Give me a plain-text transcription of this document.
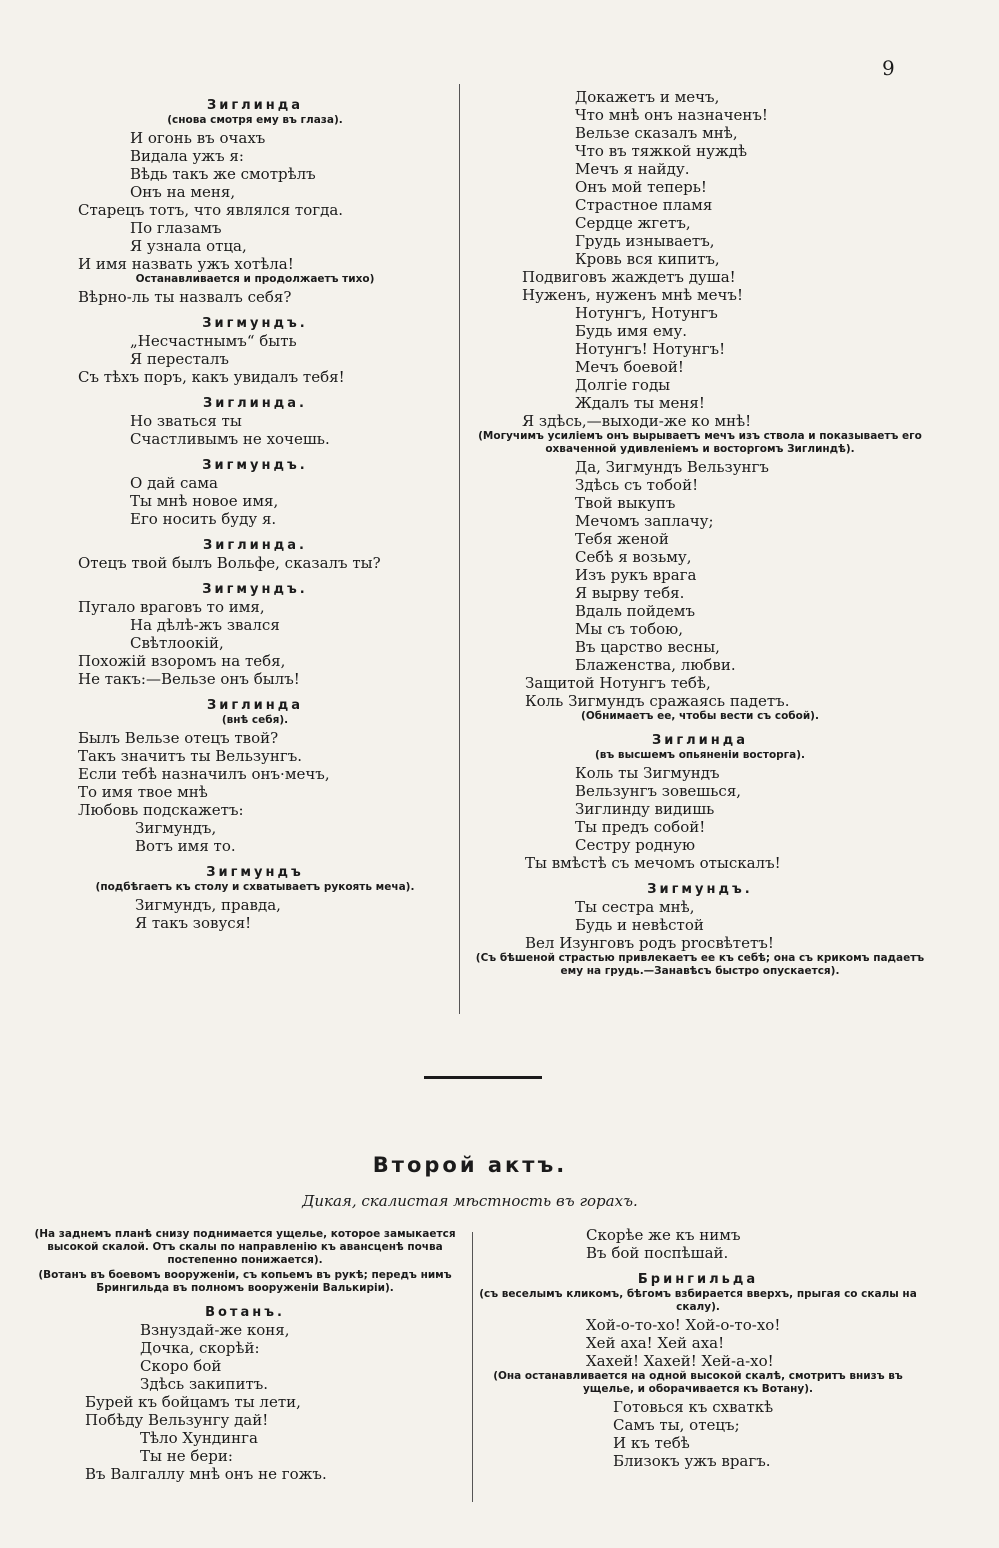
9
Зиглинда
(снова смотря ему въ глаза).
И огонь въ очахъ
Видала ужъ я:
Вѣдь такъ же смотрѣлъ
Онъ на меня,
Старецъ тотъ, что являлся тогда.
По глазамъ
Я узнала отца,
И имя назвать ужъ хотѣла!
Останавливается и продолжаетъ тихо)
Вѣрно-ль ты назвалъ себя?
Зигмундъ.
„Несчастнымъ“ быть
Я пересталъ
Съ тѣхъ поръ, какъ увидалъ тебя!
Зиглинда.
Но зваться ты
Счастливымъ не хочешь.
Зигмундъ.
О дай сама
Ты мнѣ новое имя,
Его носить буду я.
Зиглинда.
Отецъ твой былъ Вольфе, сказалъ ты?
Зигмундъ.
Пугало враговъ то имя,
На дѣлѣ-жъ звался
Свѣтлоокій,
Похожій взоромъ на тебя,
Не такъ:—Вельзе онъ былъ!
Зиглинда
(внѣ себя).
Былъ Вельзе отецъ твой?
Такъ значитъ ты Вельзунгъ.
Если тебѣ назначилъ онъ·мечъ,
То имя твое мнѣ
Любовь подскажетъ:
Зигмундъ,
Вотъ имя то.
Зигмундъ
(подбѣгаетъ къ столу и схватываетъ рукоять меча).
Зигмундъ, правда,
Я такъ зовуся!
Докажетъ и мечъ,
Что мнѣ онъ назначенъ!
Вельзе сказалъ мнѣ,
Что въ тяжкой нуждѣ
Мечъ я найду.
Онъ мой теперь!
Страстное пламя
Сердце жгетъ,
Грудь изнываетъ,
Кровь вся кипитъ,
Подвиговъ жаждетъ душа!
Нуженъ, нуженъ мнѣ мечъ!
Нотунгъ, Нотунгъ
Будь имя ему.
Нотунгъ! Нотунгъ!
Мечъ боевой!
Долгіе годы
Ждалъ ты меня!
Я здѣсь,—выходи-же ко мнѣ!
(Могучимъ усиліемъ онъ вырываетъ мечъ изъ ствола и показываетъ его охваченной удивленіемъ и восторгомъ Зиглиндѣ).
Да, Зигмундъ Вельзунгъ
Здѣсь съ тобой!
Твой выкупъ
Мечомъ заплачу;
Тебя женой
Себѣ я возьму,
Изъ рукъ врага
Я вырву тебя.
Вдаль пойдемъ
Мы съ тобою,
Въ царство весны,
Блаженства, любви.
Защитой Нотунгъ тебѣ,
Коль Зигмундъ сражаясь падетъ.
(Обнимаетъ ее, чтобы вести съ собой).
Зиглинда
(въ высшемъ опьяненіи восторга).
Коль ты Зигмундъ
Вельзунгъ зовешься,
Зиглинду видишь
Ты предъ собой!
Сестру родную
Ты вмѣстѣ съ мечомъ отыскалъ!
Зигмундъ.
Ты сестра мнѣ,
Будь и невѣстой
Вел Изунговъ родъ procвѣтетъ!
(Съ бѣшеной страстью привлекаетъ ее къ себѣ; она съ крикомъ падаетъ ему на грудь.—Занавѣсъ быстро опускается).
Второй актъ.
Дикая, скалистая мѣстность въ горахъ.
(На заднемъ планѣ снизу поднимается ущелье, которое замыкается высокой скалой. Отъ скалы по направленію къ авансценѣ почва постепенно понижается).
(Вотанъ въ боевомъ вооруженіи, съ копьемъ въ рукѣ; передъ нимъ Брингильда въ полномъ вооруженіи Валькиріи).
Вотанъ.
Взнуздай-же коня,
Дочка, скорѣй:
Скоро бой
Здѣсь закипитъ.
Бурей къ бойцамъ ты лети,
Побѣду Вельзунгу дай!
Тѣло Хундинга
Ты не бери:
Въ Валгаллу мнѣ онъ не гожъ.
Скорѣе же къ нимъ
Въ бой поспѣшай.
Брингильда
(съ веселымъ кликомъ, бѣгомъ взбирается вверхъ, прыгая со скалы на скалу).
Хой-о-то-хо! Хой-о-то-хо!
Хей аха! Хей аха!
Хахей! Хахей! Хей-а-хо!
(Она останавливается на одной высокой скалѣ, смотритъ внизъ въ ущелье, и оборачивается къ Вотану).
Готовься къ схваткѣ
Самъ ты, отецъ;
И къ тебѣ
Близокъ ужъ врагъ.
